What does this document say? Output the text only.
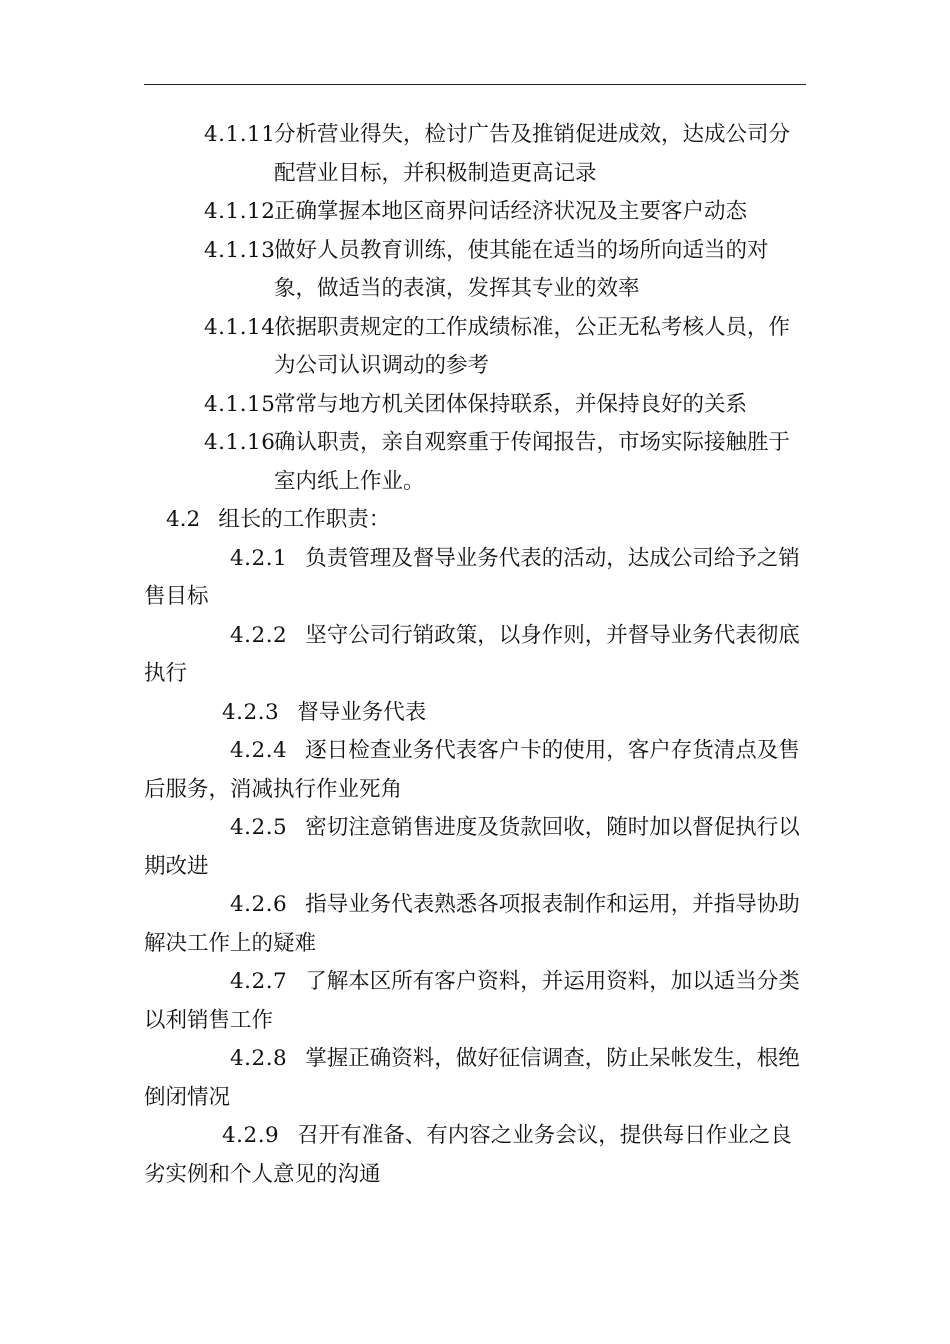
4.1.11
分析营业得失，检讨广告及推销促进成效，达成公司分配营业目标，并积极制造更高记录

4.1.12
正确掌握本地区商界问话经济状况及主要客户动态

4.1.13
做好人员教育训练，使其能在适当的场所向适当的对象，做适当的表演，发挥其专业的效率

4.1.14
依据职责规定的工作成绩标准，公正无私考核人员，作为公司认识调动的参考

4.1.15
常常与地方机关团体保持联系，并保持良好的关系

4.1.16
确认职责，亲自观察重于传闻报告，市场实际接触胜于室内纸上作业。

4.2 组长的工作职责：

4.2.1 负责管理及督导业务代表的活动，达成公司给予之销售目标

4.2.2 坚守公司行销政策，以身作则，并督导业务代表彻底执行

4.2.3 督导业务代表

4.2.4 逐日检查业务代表客户卡的使用，客户存货清点及售后服务，消减执行作业死角

4.2.5 密切注意销售进度及货款回收，随时加以督促执行以期改进

4.2.6 指导业务代表熟悉各项报表制作和运用，并指导协助解决工作上的疑难

4.2.7 了解本区所有客户资料，并运用资料，加以适当分类以利销售工作

4.2.8 掌握正确资料，做好征信调查，防止呆帐发生，根绝倒闭情况

4.2.9 召开有准备、有内容之业务会议，提供每日作业之良劣实例和个人意见的沟通
